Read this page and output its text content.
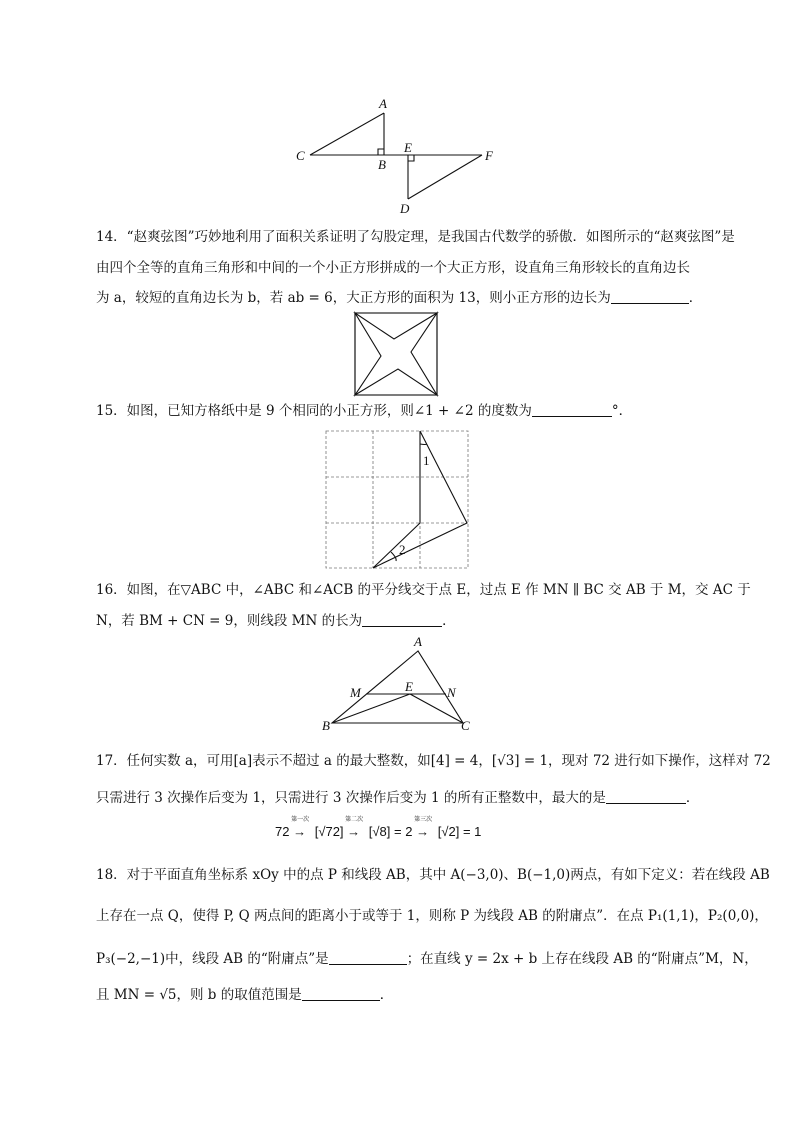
A
C
B
E
F
D
14．“赵爽弦图”巧妙地利用了面积关系证明了勾股定理，是我国古代数学的骄傲．如图所示的“赵爽弦图”是
由四个全等的直角三角形和中间的一个小正方形拼成的一个大正方形，设直角三角形较长的直角边长
为 a，较短的直角边长为 b，若 ab = 6，大正方形的面积为 13，则小正方形的边长为	．
15．如图，已知方格纸中是 9 个相同的小正方形，则∠1 + ∠2 的度数为	°．
1
2
16．如图，在▽ABC 中，∠ABC 和∠ACB 的平分线交于点 E，过点 E 作 MN ∥ BC 交 AB 于 M，交 AC 于
N，若 BM + CN = 9，则线段 MN 的长为	．
A
M	E	N
B	C
17．任何实数 a，可用[a]表示不超过 a 的最大整数，如[4] = 4，[√3] = 1，现对 72 进行如下操作，这样对 72
只需进行 3 次操作后变为 1，只需进行 3 次操作后变为 1 的所有正整数中，最大的是	．
72
第一次
→ [√72]
第二次
→ [√8] = 2
第三次
→ [√2] = 1
18．对于平面直角坐标系 xOy 中的点 P 和线段 AB，其中 A(−3,0)、B(−1,0)两点，有如下定义：若在线段 AB
上存在一点 Q，使得 P, Q 两点间的距离小于或等于 1，则称 P 为线段 AB 的附庸点”．在点 P₁(1,1)，P₂(0,0)，
P₃(−2,−1)中，线段 AB 的“附庸点”是	；在直线 y = 2x + b 上存在线段 AB 的“附庸点”M，N，
且 MN = √5，则 b 的取值范围是	．
